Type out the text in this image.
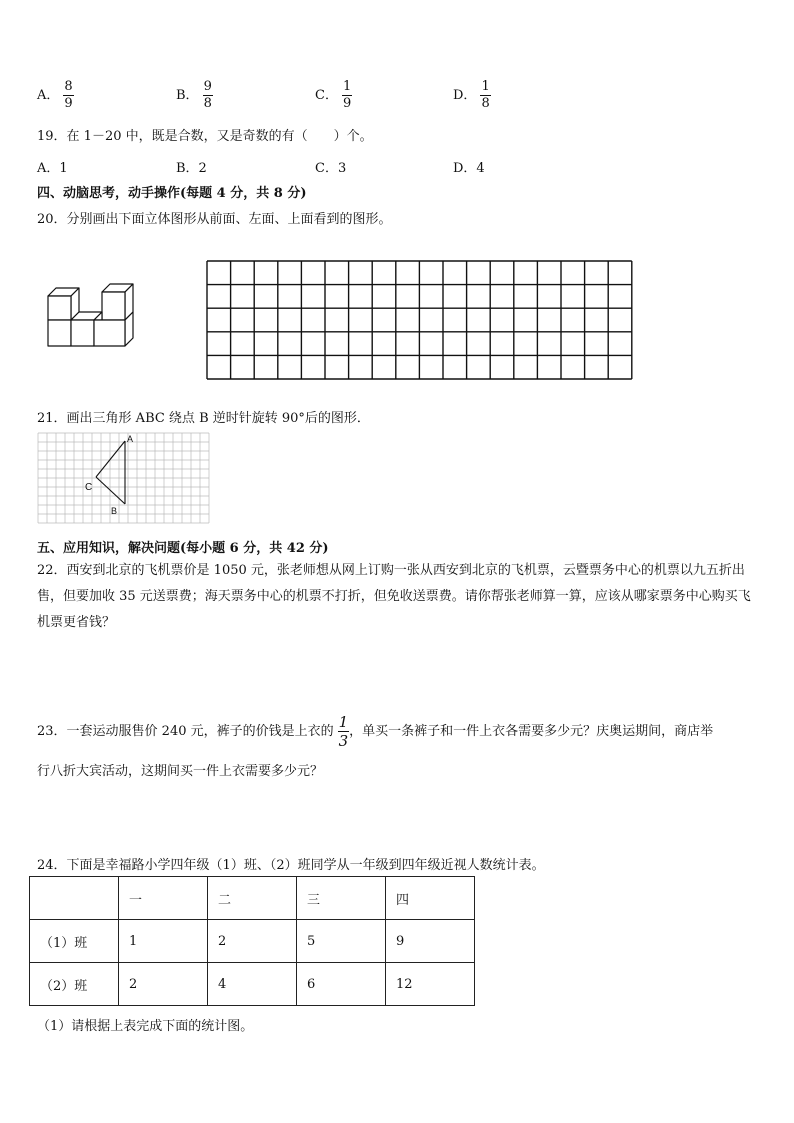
A． $\frac{8}{9}$	B． $\frac{9}{8}$	C． $\frac{1}{9}$	D． $\frac{1}{8}$
19．在 1－20 中，既是合数，又是奇数的有（　　）个。
A．1	B．2	C．3	D．4
四、动脑思考，动手操作(每题 4 分，共 8 分)
20．分别画出下面立体图形从前面、左面、上面看到的图形。
21．画出三角形 ABC 绕点 B 逆时针旋转 90°后的图形．
A
C
B
五、应用知识，解决问题(每小题 6 分，共 42 分)
22．西安到北京的飞机票价是 1050 元，张老师想从网上订购一张从西安到北京的飞机票，云暨票务中心的机票以九五折出售，但要加收 35 元送票费；海天票务中心的机票不打折，但免收送票费。请你帮张老师算一算，应该从哪家票务中心购买飞机票更省钱？
23．一套运动服售价 240 元，裤子的价钱是上衣的 $\frac{1}{3}$ ，单买一条裤子和一件上衣各需要多少元？庆奥运期间，商店举
行八折大宾活动，这期间买一件上衣需要多少元？
24．下面是幸福路小学四年级（1）班、（2）班同学从一年级到四年级近视人数统计表。
	一	二	三	四
（1）班	1	2	5	9
（2）班	2	4	6	12
（1）请根据上表完成下面的统计图。
